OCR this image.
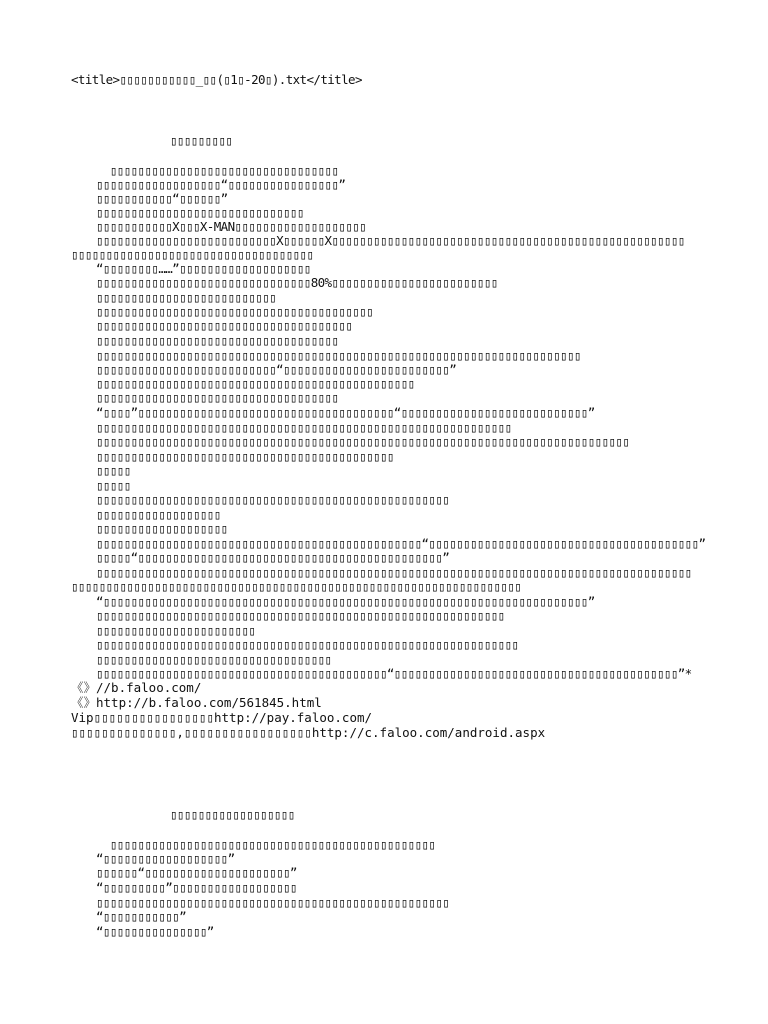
<title>▯▯▯▯▯▯▯▯▯▯▯_▯▯(▯1▯-20▯).txt</title>
▯▯▯▯▯▯▯▯▯
▯▯▯▯▯▯▯▯▯▯▯▯▯▯▯▯▯▯▯▯▯▯▯▯▯▯▯▯▯▯▯▯▯
▯▯▯▯▯▯▯▯▯▯▯▯▯▯▯▯▯▯“▯▯▯▯▯▯▯▯▯▯▯▯▯▯▯▯”
▯▯▯▯▯▯▯▯▯▯▯“▯▯▯▯▯▯”
▯▯▯▯▯▯▯▯▯▯▯▯▯▯▯▯▯▯▯▯▯▯▯▯▯▯▯▯▯▯
▯▯▯▯▯▯▯▯▯▯▯X▯▯▯X-MAN▯▯▯▯▯▯▯▯▯▯▯▯▯▯▯▯▯▯▯
▯▯▯▯▯▯▯▯▯▯▯▯▯▯▯▯▯▯▯▯▯▯▯▯▯▯X▯▯▯▯▯▯X▯▯▯▯▯▯▯▯▯▯▯▯▯▯▯▯▯▯▯▯▯▯▯▯▯▯▯▯▯▯▯▯▯▯▯▯▯▯▯▯▯▯▯▯▯▯▯▯▯▯▯
▯▯▯▯▯▯▯▯▯▯▯▯▯▯▯▯▯▯▯▯▯▯▯▯▯▯▯▯▯▯▯▯▯▯▯
“▯▯▯▯▯▯▯▯……”▯▯▯▯▯▯▯▯▯▯▯▯▯▯▯▯▯▯▯
▯▯▯▯▯▯▯▯▯▯▯▯▯▯▯▯▯▯▯▯▯▯▯▯▯▯▯▯▯▯▯80%▯▯▯▯▯▯▯▯▯▯▯▯▯▯▯▯▯▯▯▯▯▯▯▯
▯▯▯▯▯▯▯▯▯▯▯▯▯▯▯▯▯▯▯▯▯▯▯▯▯▯
▯▯▯▯▯▯▯▯▯▯▯▯▯▯▯▯▯▯▯▯▯▯▯▯▯▯▯▯▯▯▯▯▯▯▯▯▯▯▯▯
▯▯▯▯▯▯▯▯▯▯▯▯▯▯▯▯▯▯▯▯▯▯▯▯▯▯▯▯▯▯▯▯▯▯▯▯▯
▯▯▯▯▯▯▯▯▯▯▯▯▯▯▯▯▯▯▯▯▯▯▯▯▯▯▯▯▯▯▯▯▯▯▯
▯▯▯▯▯▯▯▯▯▯▯▯▯▯▯▯▯▯▯▯▯▯▯▯▯▯▯▯▯▯▯▯▯▯▯▯▯▯▯▯▯▯▯▯▯▯▯▯▯▯▯▯▯▯▯▯▯▯▯▯▯▯▯▯▯▯▯▯▯▯
▯▯▯▯▯▯▯▯▯▯▯▯▯▯▯▯▯▯▯▯▯▯▯▯▯▯“▯▯▯▯▯▯▯▯▯▯▯▯▯▯▯▯▯▯▯▯▯▯▯▯”
▯▯▯▯▯▯▯▯▯▯▯▯▯▯▯▯▯▯▯▯▯▯▯▯▯▯▯▯▯▯▯▯▯▯▯▯▯▯▯▯▯▯▯▯▯▯
▯▯▯▯▯▯▯▯▯▯▯▯▯▯▯▯▯▯▯▯▯▯▯▯▯▯▯▯▯▯▯▯▯▯▯
“▯▯▯▯”▯▯▯▯▯▯▯▯▯▯▯▯▯▯▯▯▯▯▯▯▯▯▯▯▯▯▯▯▯▯▯▯▯▯▯▯▯“▯▯▯▯▯▯▯▯▯▯▯▯▯▯▯▯▯▯▯▯▯▯▯▯▯▯▯”
▯▯▯▯▯▯▯▯▯▯▯▯▯▯▯▯▯▯▯▯▯▯▯▯▯▯▯▯▯▯▯▯▯▯▯▯▯▯▯▯▯▯▯▯▯▯▯▯▯▯▯▯▯▯▯▯▯▯▯▯
▯▯▯▯▯▯▯▯▯▯▯▯▯▯▯▯▯▯▯▯▯▯▯▯▯▯▯▯▯▯▯▯▯▯▯▯▯▯▯▯▯▯▯▯▯▯▯▯▯▯▯▯▯▯▯▯▯▯▯▯▯▯▯▯▯▯▯▯▯▯▯▯▯▯▯▯▯
▯▯▯▯▯▯▯▯▯▯▯▯▯▯▯▯▯▯▯▯▯▯▯▯▯▯▯▯▯▯▯▯▯▯▯▯▯▯▯▯▯▯▯
▯▯▯▯▯
▯▯▯▯▯
▯▯▯▯▯▯▯▯▯▯▯▯▯▯▯▯▯▯▯▯▯▯▯▯▯▯▯▯▯▯▯▯▯▯▯▯▯▯▯▯▯▯▯▯▯▯▯▯▯▯▯
▯▯▯▯▯▯▯▯▯▯▯▯▯▯▯▯▯▯
▯▯▯▯▯▯▯▯▯▯▯▯▯▯▯▯▯▯▯
▯▯▯▯▯▯▯▯▯▯▯▯▯▯▯▯▯▯▯▯▯▯▯▯▯▯▯▯▯▯▯▯▯▯▯▯▯▯▯▯▯▯▯▯▯▯▯“▯▯▯▯▯▯▯▯▯▯▯▯▯▯▯▯▯▯▯▯▯▯▯▯▯▯▯▯▯▯▯▯▯▯▯▯▯▯▯”
▯▯▯▯▯“▯▯▯▯▯▯▯▯▯▯▯▯▯▯▯▯▯▯▯▯▯▯▯▯▯▯▯▯▯▯▯▯▯▯▯▯▯▯▯▯▯▯▯▯”
▯▯▯▯▯▯▯▯▯▯▯▯▯▯▯▯▯▯▯▯▯▯▯▯▯▯▯▯▯▯▯▯▯▯▯▯▯▯▯▯▯▯▯▯▯▯▯▯▯▯▯▯▯▯▯▯▯▯▯▯▯▯▯▯▯▯▯▯▯▯▯▯▯▯▯▯▯▯▯▯▯▯▯▯▯▯
▯▯▯▯▯▯▯▯▯▯▯▯▯▯▯▯▯▯▯▯▯▯▯▯▯▯▯▯▯▯▯▯▯▯▯▯▯▯▯▯▯▯▯▯▯▯▯▯▯▯▯▯▯▯▯▯▯▯▯▯▯▯▯▯▯
“▯▯▯▯▯▯▯▯▯▯▯▯▯▯▯▯▯▯▯▯▯▯▯▯▯▯▯▯▯▯▯▯▯▯▯▯▯▯▯▯▯▯▯▯▯▯▯▯▯▯▯▯▯▯▯▯▯▯▯▯▯▯▯▯▯▯▯▯▯▯”
▯▯▯▯▯▯▯▯▯▯▯▯▯▯▯▯▯▯▯▯▯▯▯▯▯▯▯▯▯▯▯▯▯▯▯▯▯▯▯▯▯▯▯▯▯▯▯▯▯▯▯▯▯▯▯▯▯▯▯
▯▯▯▯▯▯▯▯▯▯▯▯▯▯▯▯▯▯▯▯▯▯▯
▯▯▯▯▯▯▯▯▯▯▯▯▯▯▯▯▯▯▯▯▯▯▯▯▯▯▯▯▯▯▯▯▯▯▯▯▯▯▯▯▯▯▯▯▯▯▯▯▯▯▯▯▯▯▯▯▯▯▯▯▯
▯▯▯▯▯▯▯▯▯▯▯▯▯▯▯▯▯▯▯▯▯▯▯▯▯▯▯▯▯▯▯▯▯▯
▯▯▯▯▯▯▯▯▯▯▯▯▯▯▯▯▯▯▯▯▯▯▯▯▯▯▯▯▯▯▯▯▯▯▯▯▯▯▯▯▯▯“▯▯▯▯▯▯▯▯▯▯▯▯▯▯▯▯▯▯▯▯▯▯▯▯▯▯▯▯▯▯▯▯▯▯▯▯▯▯▯▯▯”*
《》//b.faloo.com/
《》http://b.faloo.com/561845.html
Vip▯▯▯▯▯▯▯▯▯▯▯▯▯▯▯▯http://pay.faloo.com/
▯▯▯▯▯▯▯▯▯▯▯▯▯▯,▯▯▯▯▯▯▯▯▯▯▯▯▯▯▯▯▯http://c.faloo.com/android.aspx
▯▯▯▯▯▯▯▯▯▯▯▯▯▯▯▯▯▯
▯▯▯▯▯▯▯▯▯▯▯▯▯▯▯▯▯▯▯▯▯▯▯▯▯▯▯▯▯▯▯▯▯▯▯▯▯▯▯▯▯▯▯▯▯▯▯
“▯▯▯▯▯▯▯▯▯▯▯▯▯▯▯▯▯▯”
▯▯▯▯▯▯“▯▯▯▯▯▯▯▯▯▯▯▯▯▯▯▯▯▯▯▯▯”
“▯▯▯▯▯▯▯▯▯”▯▯▯▯▯▯▯▯▯▯▯▯▯▯▯▯▯▯
▯▯▯▯▯▯▯▯▯▯▯▯▯▯▯▯▯▯▯▯▯▯▯▯▯▯▯▯▯▯▯▯▯▯▯▯▯▯▯▯▯▯▯▯▯▯▯▯▯▯▯
“▯▯▯▯▯▯▯▯▯▯▯”
“▯▯▯▯▯▯▯▯▯▯▯▯▯▯▯”
